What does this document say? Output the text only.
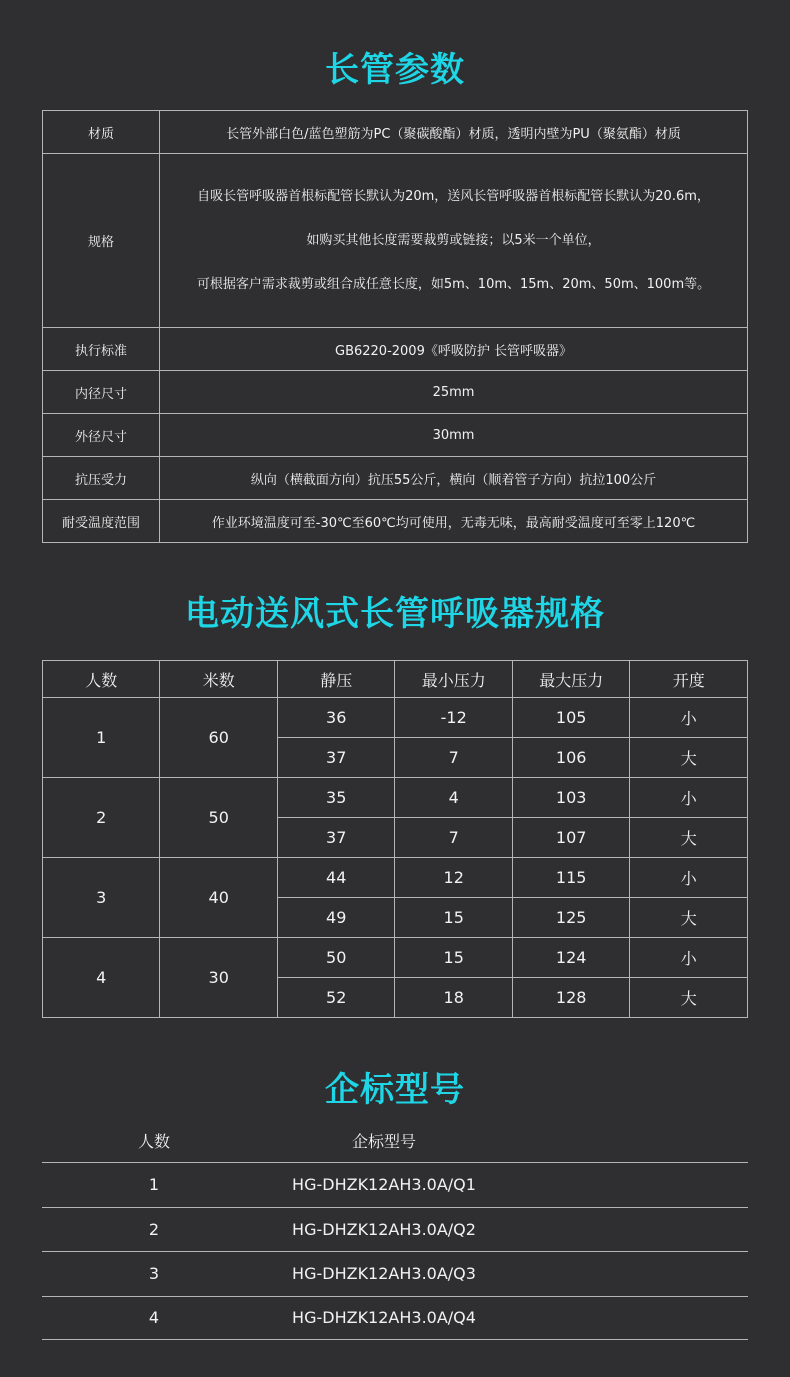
长管参数
材质	长管外部白色/蓝色塑筋为PC（聚碳酸酯）材质，透明内壁为PU（聚氨酯）材质
规格	自吸长管呼吸器首根标配管长默认为20m，送风长管呼吸器首根标配管长默认为20.6m，
如购买其他长度需要裁剪或链接；以5米一个单位，
可根据客户需求裁剪或组合成任意长度，如5m、10m、15m、20m、50m、100m等。

执行标准	GB6220-2009《呼吸防护 长管呼吸器》
内径尺寸	25mm
外径尺寸	30mm
抗压受力	纵向（横截面方向）抗压55公斤，横向（顺着管子方向）抗拉100公斤
耐受温度范围	作业环境温度可至-30℃至60℃均可使用，无毒无味，最高耐受温度可至零上120℃
电动送风式长管呼吸器规格
人数	米数	静压	最小压力	最大压力	开度
1	60	36	-12	105	小
		37	7	106	大
2	50	35	4	103	小
		37	7	107	大
3	40	44	12	115	小
		49	15	125	大
4	30	50	15	124	小
		52	18	128	大
企标型号
人数	企标型号
1	HG-DHZK12AH3.0A/Q1
2	HG-DHZK12AH3.0A/Q2
3	HG-DHZK12AH3.0A/Q3
4	HG-DHZK12AH3.0A/Q4
